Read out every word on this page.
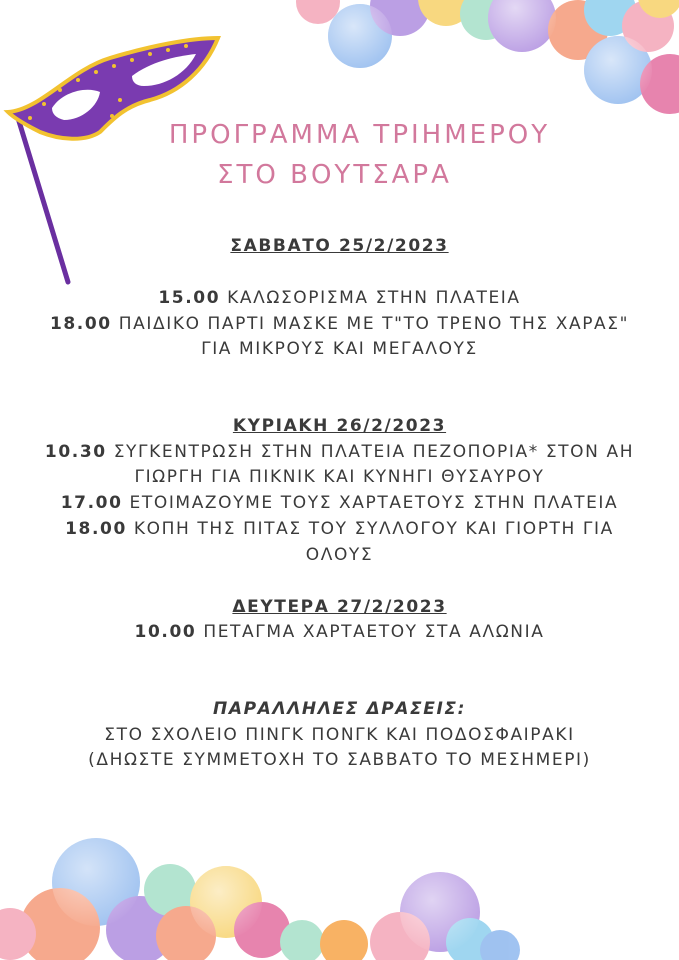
ΠΡΟΓΡΑΜΜΑ ΤΡΙΗΜΕΡΟΥ
ΣΤΟ ΒΟΥΤΣΑΡΑ
ΣΑΒΒΑΤΟ 25/2/2023
15.00 ΚΑΛΩΣΟΡΙΣΜΑ ΣΤΗΝ ΠΛΑΤΕΙΑ
18.00 ΠΑΙΔΙΚΟ ΠΑΡΤΙ ΜΑΣΚΕ ΜΕ Τ"ΤΟ ΤΡΕΝΟ ΤΗΣ ΧΑΡΑΣ"
ΓΙΑ ΜΙΚΡΟΥΣ ΚΑΙ ΜΕΓΑΛΟΥΣ
ΚΥΡΙΑΚΗ 26/2/2023
10.30 ΣΥΓΚΕΝΤΡΩΣΗ ΣΤΗΝ ΠΛΑΤΕΙΑ ΠΕΖΟΠΟΡΙΑ* ΣΤΟΝ ΑΗ
ΓΙΩΡΓΗ ΓΙΑ ΠΙΚΝΙΚ ΚΑΙ ΚΥΝΗΓΙ ΘΥΣΑΥΡΟΥ
17.00 ΕΤΟΙΜΑΖΟΥΜΕ ΤΟΥΣ ΧΑΡΤΑΕΤΟΥΣ ΣΤΗΝ ΠΛΑΤΕΙΑ
18.00 ΚΟΠΗ ΤΗΣ ΠΙΤΑΣ ΤΟΥ ΣΥΛΛΟΓΟΥ ΚΑΙ ΓΙΟΡΤΗ ΓΙΑ
ΟΛΟΥΣ
ΔΕΥΤΕΡΑ 27/2/2023
10.00 ΠΕΤΑΓΜΑ ΧΑΡΤΑΕΤΟΥ ΣΤΑ ΑΛΩΝΙΑ
ΠΑΡΑΛΛΗΛΕΣ ΔΡΑΣΕΙΣ:
ΣΤΟ ΣΧΟΛΕΙΟ ΠΙΝΓΚ ΠΟΝΓΚ ΚΑΙ ΠΟΔΟΣΦΑΙΡΑΚΙ
(ΔΗΩΣΤΕ ΣΥΜΜΕΤΟΧΗ ΤΟ ΣΑΒΒΑΤΟ ΤΟ ΜΕΣΗΜΕΡΙ)
